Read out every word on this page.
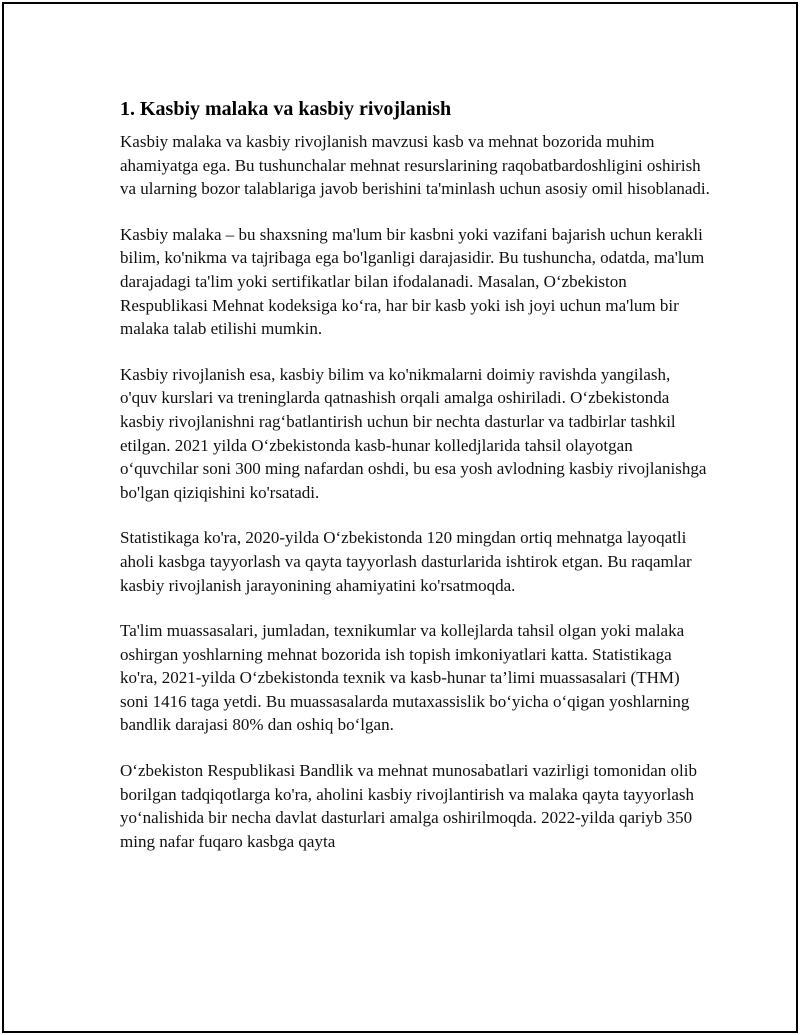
1. Kasbiy malaka va kasbiy rivojlanish

Kasbiy malaka va kasbiy rivojlanish mavzusi kasb va mehnat bozorida muhim ahamiyatga ega. Bu tushunchalar mehnat resurslarining raqobatbardoshligini oshirish va ularning bozor talablariga javob berishini ta'minlash uchun asosiy omil hisoblanadi.

Kasbiy malaka – bu shaxsning ma'lum bir kasbni yoki vazifani bajarish uchun kerakli bilim, ko'nikma va tajribaga ega bo'lganligi darajasidir. Bu tushuncha, odatda, ma'lum darajadagi ta'lim yoki sertifikatlar bilan ifodalanadi. Masalan, O‘zbekiston Respublikasi Mehnat kodeksiga ko‘ra, har bir kasb yoki ish joyi uchun ma'lum bir malaka talab etilishi mumkin.

Kasbiy rivojlanish esa, kasbiy bilim va ko'nikmalarni doimiy ravishda yangilash, o'quv kurslari va treninglarda qatnashish orqali amalga oshiriladi. O‘zbekistonda kasbiy rivojlanishni rag‘batlantirish uchun bir nechta dasturlar va tadbirlar tashkil etilgan. 2021 yilda O‘zbekistonda kasb-hunar kolledjlarida tahsil olayotgan o‘quvchilar soni 300 ming nafardan oshdi, bu esa yosh avlodning kasbiy rivojlanishga bo'lgan qiziqishini ko'rsatadi.

Statistikaga ko'ra, 2020-yilda O‘zbekistonda 120 mingdan ortiq mehnatga layoqatli aholi kasbga tayyorlash va qayta tayyorlash dasturlarida ishtirok etgan. Bu raqamlar kasbiy rivojlanish jarayonining ahamiyatini ko'rsatmoqda.

Ta'lim muassasalari, jumladan, texnikumlar va kollejlarda tahsil olgan yoki malaka oshirgan yoshlarning mehnat bozorida ish topish imkoniyatlari katta. Statistikaga ko'ra, 2021-yilda O‘zbekistonda texnik va kasb-hunar ta’limi muassasalari (THM) soni 1416 taga yetdi. Bu muassasalarda mutaxassislik bo‘yicha o‘qigan yoshlarning bandlik darajasi 80% dan oshiq bo‘lgan.

O‘zbekiston Respublikasi Bandlik va mehnat munosabatlari vazirligi tomonidan olib borilgan tadqiqotlarga ko'ra, aholini kasbiy rivojlantirish va malaka qayta tayyorlash yo‘nalishida bir necha davlat dasturlari amalga oshirilmoqda. 2022-yilda qariyb 350 ming nafar fuqaro kasbga qayta
